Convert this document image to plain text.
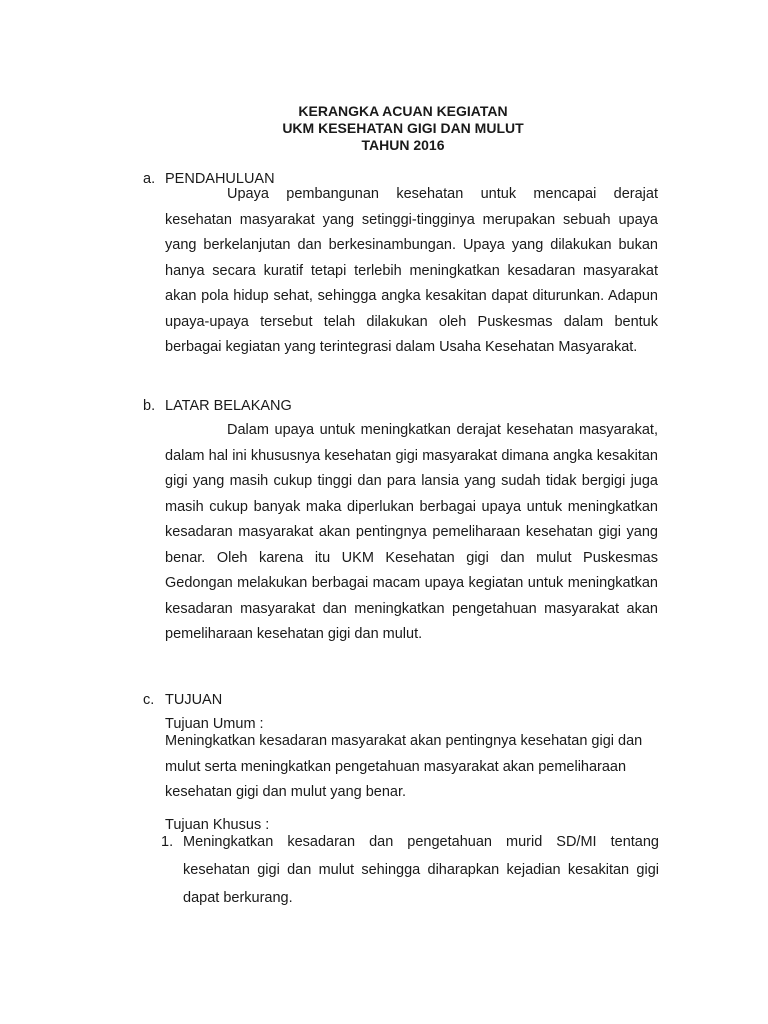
KERANGKA ACUAN KEGIATAN
UKM KESEHATAN GIGI DAN MULUT
TAHUN 2016
a. PENDAHULUAN
Upaya pembangunan kesehatan untuk mencapai derajat kesehatan masyarakat yang setinggi-tingginya merupakan sebuah upaya yang berkelanjutan dan berkesinambungan. Upaya yang dilakukan bukan hanya secara kuratif tetapi terlebih meningkatkan kesadaran masyarakat akan pola hidup sehat, sehingga angka kesakitan dapat diturunkan. Adapun upaya-upaya tersebut telah dilakukan oleh Puskesmas dalam bentuk berbagai kegiatan yang terintegrasi dalam Usaha Kesehatan Masyarakat.
b. LATAR BELAKANG
Dalam upaya untuk meningkatkan derajat kesehatan masyarakat, dalam hal ini khususnya kesehatan gigi masyarakat dimana angka kesakitan gigi yang masih cukup tinggi dan para lansia yang sudah tidak bergigi juga masih cukup banyak maka diperlukan berbagai upaya untuk meningkatkan kesadaran masyarakat akan pentingnya pemeliharaan kesehatan gigi yang benar. Oleh karena itu UKM Kesehatan gigi dan mulut Puskesmas Gedongan melakukan berbagai macam upaya kegiatan untuk meningkatkan kesadaran masyarakat dan meningkatkan pengetahuan masyarakat akan pemeliharaan kesehatan gigi dan mulut.
c. TUJUAN
Tujuan Umum :
Meningkatkan kesadaran masyarakat akan pentingnya kesehatan gigi dan mulut serta meningkatkan pengetahuan masyarakat akan pemeliharaan kesehatan gigi dan mulut yang benar.
Tujuan Khusus :
1. Meningkatkan kesadaran dan pengetahuan murid SD/MI tentang kesehatan gigi dan mulut sehingga diharapkan kejadian kesakitan gigi dapat berkurang.
